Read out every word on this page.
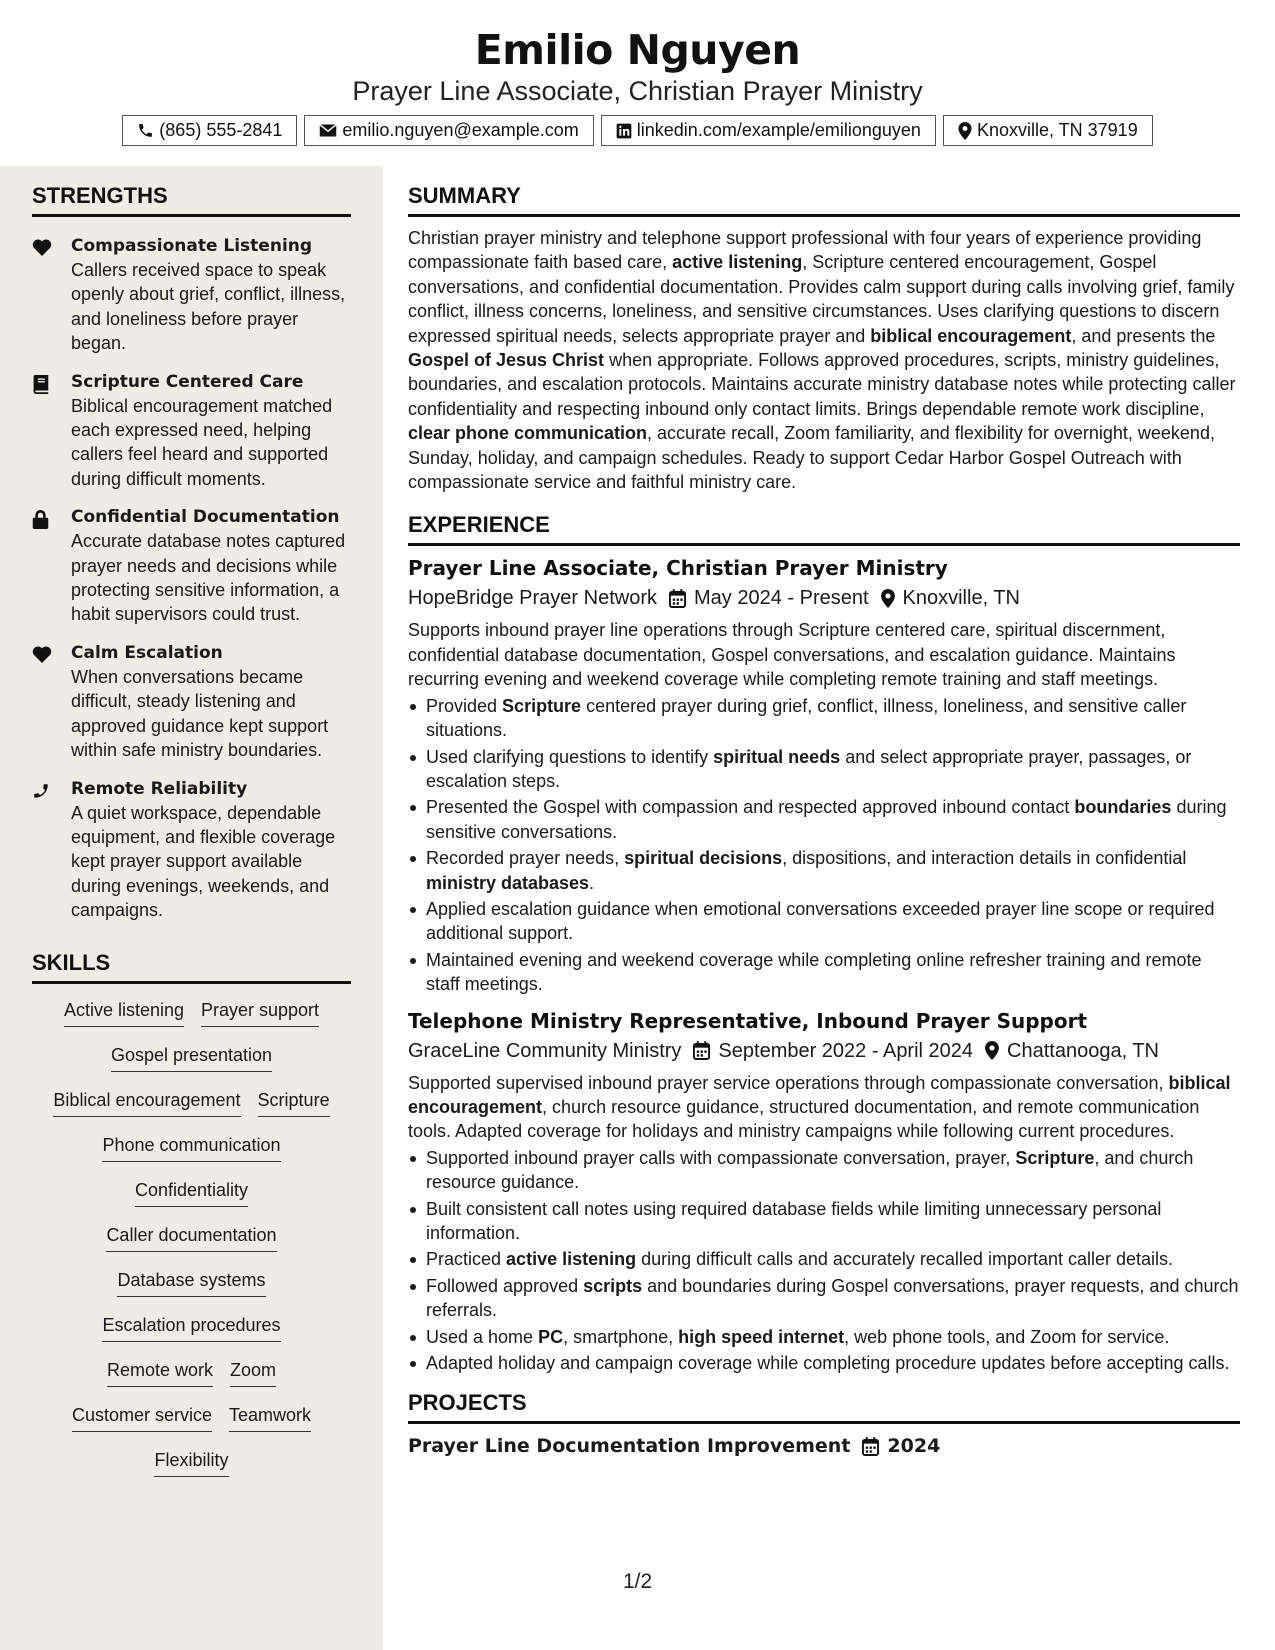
Emilio Nguyen
Prayer Line Associate, Christian Prayer Ministry
(865) 555-2841	emilio.nguyen@example.com	linkedin.com/example/emilionguyen	Knoxville, TN 37919
STRENGTHS
Compassionate Listening
Callers received space to speak openly about grief, conflict, illness, and loneliness before prayer began.
Scripture Centered Care
Biblical encouragement matched each expressed need, helping callers feel heard and supported during difficult moments.
Confidential Documentation
Accurate database notes captured prayer needs and decisions while protecting sensitive information, a habit supervisors could trust.
Calm Escalation
When conversations became difficult, steady listening and approved guidance kept support within safe ministry boundaries.
Remote Reliability
A quiet workspace, dependable equipment, and flexible coverage kept prayer support available during evenings, weekends, and campaigns.
SKILLS
Active listening Prayer support
Gospel presentation
Biblical encouragement Scripture
Phone communication
Confidentiality
Caller documentation
Database systems
Escalation procedures
Remote work Zoom
Customer service Teamwork
Flexibility
SUMMARY
Christian prayer ministry and telephone support professional with four years of experience providing compassionate faith based care, active listening, Scripture centered encouragement, Gospel conversations, and confidential documentation. Provides calm support during calls involving grief, family conflict, illness concerns, loneliness, and sensitive circumstances. Uses clarifying questions to discern expressed spiritual needs, selects appropriate prayer and biblical encouragement, and presents the Gospel of Jesus Christ when appropriate. Follows approved procedures, scripts, ministry guidelines, boundaries, and escalation protocols. Maintains accurate ministry database notes while protecting caller confidentiality and respecting inbound only contact limits. Brings dependable remote work discipline, clear phone communication, accurate recall, Zoom familiarity, and flexibility for overnight, weekend, Sunday, holiday, and campaign schedules. Ready to support Cedar Harbor Gospel Outreach with compassionate service and faithful ministry care.
EXPERIENCE
Prayer Line Associate, Christian Prayer Ministry
HopeBridge Prayer Network May 2024 - Present Knoxville, TN
Supports inbound prayer line operations through Scripture centered care, spiritual discernment, confidential database documentation, Gospel conversations, and escalation guidance. Maintains recurring evening and weekend coverage while completing remote training and staff meetings.
Provided Scripture centered prayer during grief, conflict, illness, loneliness, and sensitive caller situations.
Used clarifying questions to identify spiritual needs and select appropriate prayer, passages, or escalation steps.
Presented the Gospel with compassion and respected approved inbound contact boundaries during sensitive conversations.
Recorded prayer needs, spiritual decisions, dispositions, and interaction details in confidential ministry databases.
Applied escalation guidance when emotional conversations exceeded prayer line scope or required additional support.
Maintained evening and weekend coverage while completing online refresher training and remote staff meetings.
Telephone Ministry Representative, Inbound Prayer Support
GraceLine Community Ministry September 2022 - April 2024 Chattanooga, TN
Supported supervised inbound prayer service operations through compassionate conversation, biblical encouragement, church resource guidance, structured documentation, and remote communication tools. Adapted coverage for holidays and ministry campaigns while following current procedures.
Supported inbound prayer calls with compassionate conversation, prayer, Scripture, and church resource guidance.
Built consistent call notes using required database fields while limiting unnecessary personal information.
Practiced active listening during difficult calls and accurately recalled important caller details.
Followed approved scripts and boundaries during Gospel conversations, prayer requests, and church referrals.
Used a home PC, smartphone, high speed internet, web phone tools, and Zoom for service.
Adapted holiday and campaign coverage while completing procedure updates before accepting calls.
PROJECTS
Prayer Line Documentation Improvement 2024
1/2
